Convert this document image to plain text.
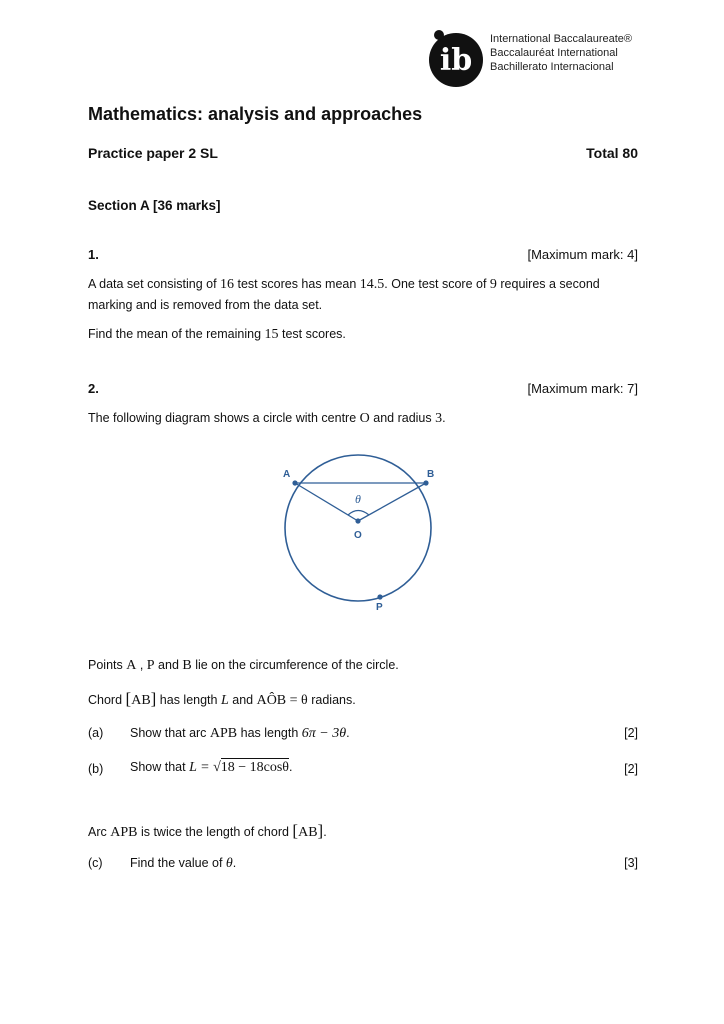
ib
International Baccalaureate®
Baccalauréat International
Bachillerato Internacional
Mathematics: analysis and approaches
Practice paper 2 SL	Total 80
Section A [36 marks]
1.	[Maximum mark: 4]
A data set consisting of 16 test scores has mean 14.5. One test score of 9 requires a second
marking and is removed from the data set.
Find the mean of the remaining 15 test scores.
2.	[Maximum mark: 7]
The following diagram shows a circle with centre O and radius 3.
A	B
O
P
θ
Points A , P and B lie on the circumference of the circle.
Chord [AB] has length L and AÔB = θ radians.
(a) Show that arc APB has length 6π − 3θ.	[2]
(b) Show that L = √18 − 18cosθ.	[2]
Arc APB is twice the length of chord [AB].
(c) Find the value of θ.	[3]
